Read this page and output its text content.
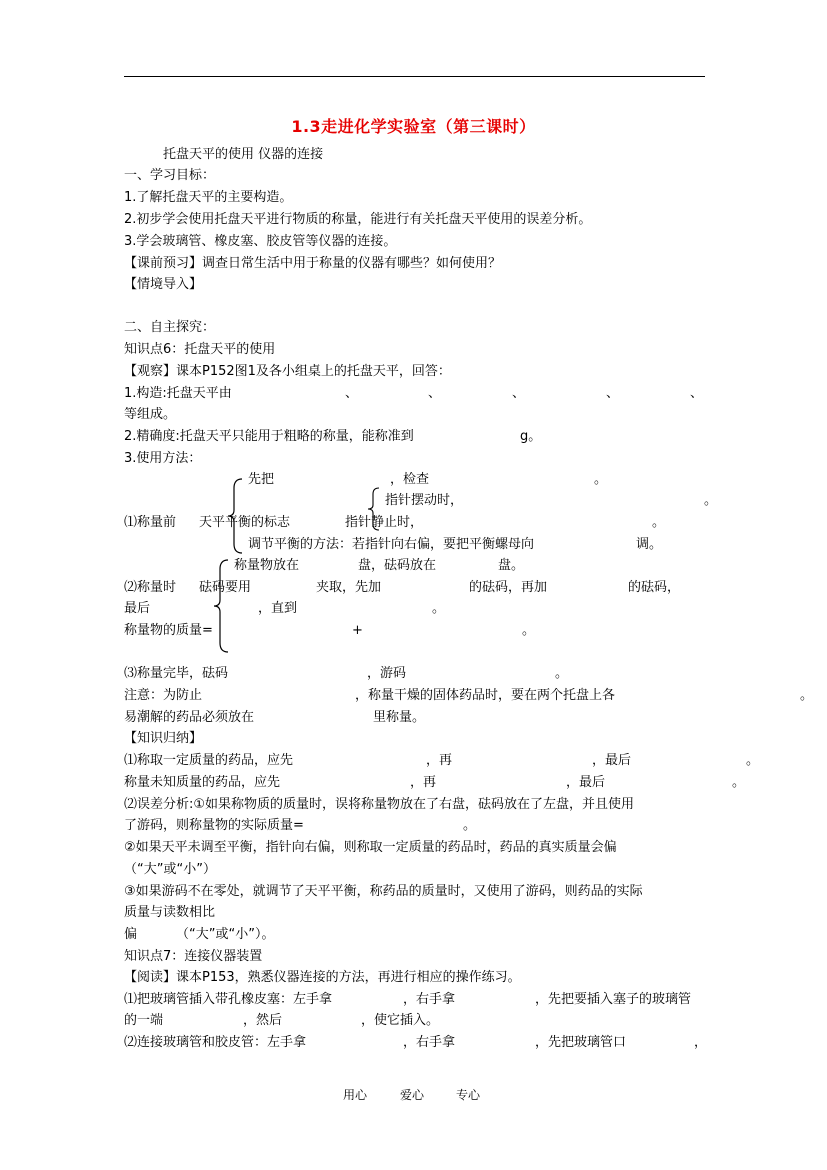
1.3走进化学实验室（第三课时）
托盘天平的使用 仪器的连接
一、学习目标：
1.了解托盘天平的主要构造。
2.初步学会使用托盘天平进行物质的称量，能进行有关托盘天平使用的误差分析。
3.学会玻璃管、橡皮塞、胶皮管等仪器的连接。
【课前预习】调查日常生活中用于称量的仪器有哪些？如何使用？
【情境导入】
二、自主探究：
知识点6：托盘天平的使用
【观察】课本P152图1及各小组桌上的托盘天平，回答：
1.构造:托盘天平由	、	、	、	、	、
等组成。
2.精确度:托盘天平只能用于粗略的称量，能称准到	g。
3.使用方法：
先把	，检查	。
指针摆动时，	。
⑴称量前 天平平衡的标志	指针静止时，	。
调节平衡的方法：若指针向右偏，要把平衡螺母向	调。
称量物放在	盘，砝码放在	盘。
⑵称量时 砝码要用	夹取，先加	的砝码，再加	的砝码，
最后	，直到	。
称量物的质量=	+	。
⑶称量完毕，砝码	，游码	。
注意：为防止	，称量干燥的固体药品时，要在两个托盘上各	。
易潮解的药品必须放在	里称量。
【知识归纳】
⑴称取一定质量的药品，应先	，再	，最后	。
称量未知质量的药品，应先	，再	，最后	。
⑵误差分析:①如果称物质的质量时，误将称量物放在了右盘，砝码放在了左盘，并且使用
了游码，则称量物的实际质量=	。
②如果天平未调至平衡，指针向右偏，则称取一定质量的药品时，药品的真实质量会偏
（“大”或“小”）
③如果游码不在零处，就调节了天平平衡，称药品的质量时，又使用了游码，则药品的实际
质量与读数相比
偏	（“大”或“小”）。
知识点7：连接仪器装置
【阅读】课本P153，熟悉仪器连接的方法，再进行相应的操作练习。
⑴把玻璃管插入带孔橡皮塞：左手拿	，右手拿	，先把要插入塞子的玻璃管
的一端	，然后	，使它插入。
⑵连接玻璃管和胶皮管：左手拿	，右手拿	，先把玻璃管口	，
用心	爱心	专心
